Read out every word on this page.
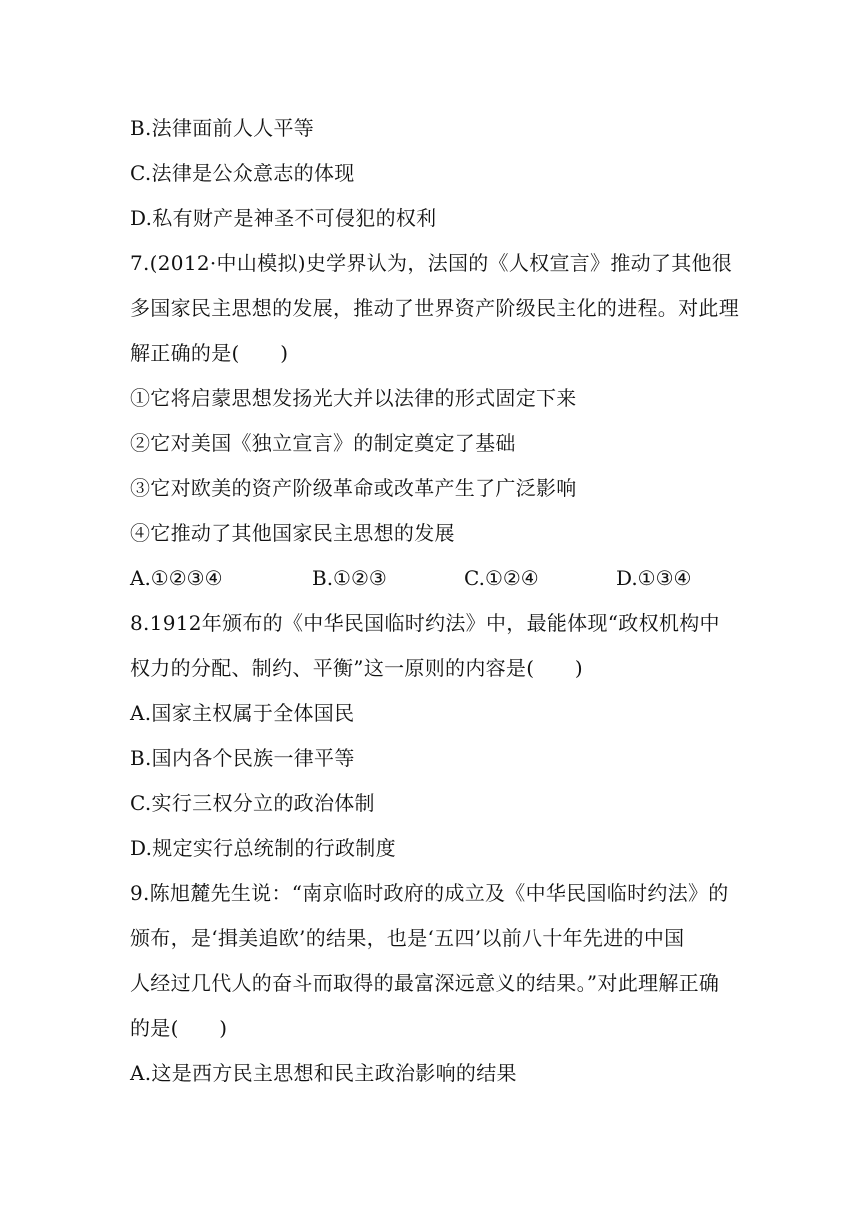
B.法律面前人人平等
C.法律是公众意志的体现
D.私有财产是神圣不可侵犯的权利
7.(2012·中山模拟)史学界认为，法国的《人权宣言》推动了其他很
多国家民主思想的发展，推动了世界资产阶级民主化的进程。对此理
解正确的是(　　)
①它将启蒙思想发扬光大并以法律的形式固定下来
②它对美国《独立宣言》的制定奠定了基础
③它对欧美的资产阶级革命或改革产生了广泛影响
④它推动了其他国家民主思想的发展
A.①②③④	B.①②③	C.①②④	D.①③④
8.1912年颁布的《中华民国临时约法》中，最能体现“政权机构中
权力的分配、制约、平衡”这一原则的内容是(　　)
A.国家主权属于全体国民
B.国内各个民族一律平等
C.实行三权分立的政治体制
D.规定实行总统制的行政制度
9.陈旭麓先生说：“南京临时政府的成立及《中华民国临时约法》的
颁布，是‘揖美追欧’的结果，也是‘五四’以前八十年先进的中国
人经过几代人的奋斗而取得的最富深远意义的结果。”对此理解正确
的是(　　)
A.这是西方民主思想和民主政治影响的结果
